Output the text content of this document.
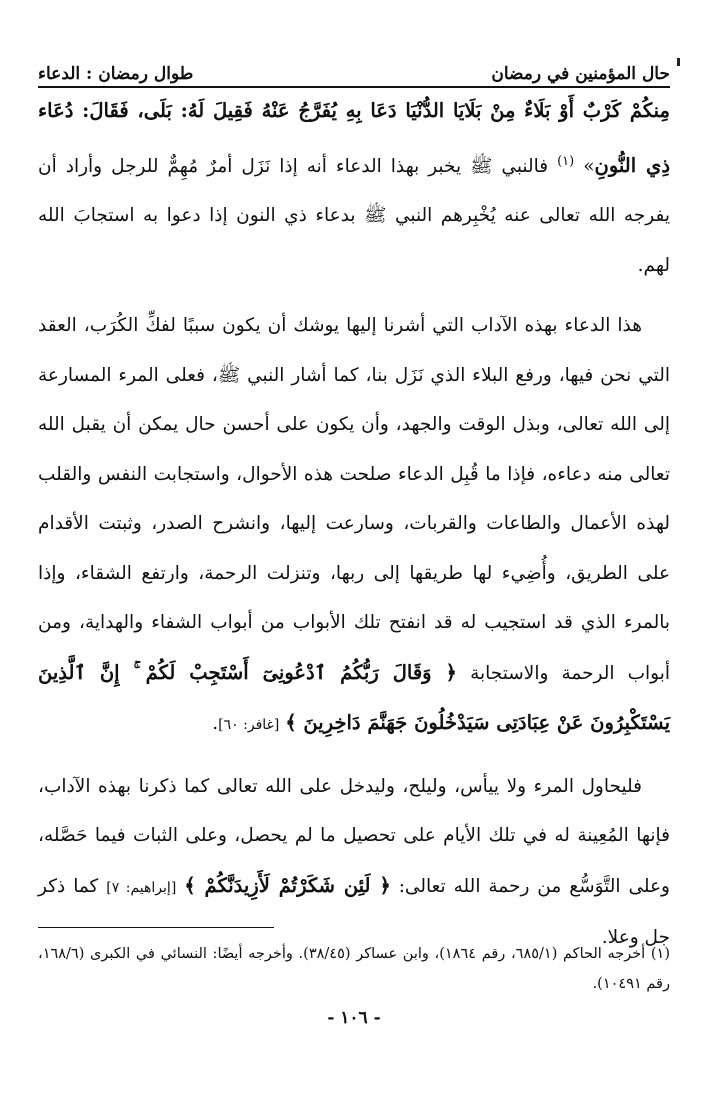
حال المؤمنين في رمضان
طوال رمضان : الدعاء

مِنكُمْ كَرْبٌ أَوْ بَلَاءٌ مِنْ بَلَايَا الدُّنْيَا دَعَا بِهِ يُفَرَّجُ عَنْهُ فَقِيلَ لَهُ: بَلَى، فَقَالَ: دُعَاء ذِي النُّونِ» $^{(١)}$ فالنبي ﷺ يخبر بهذا الدعاء أنه إذا نَزَل أمرٌ مُهِمٌّ للرجل وأراد أن يفرجه الله تعالى عنه يُخْبِرهم النبي ﷺ بدعاء ذي النون إذا دعوا به استجابَ الله لهم.

هذا الدعاء بهذه الآداب التي أشرنا إليها يوشك أن يكون سببًا لفكِّ الكُرَب، العقد التي نحن فيها، ورفع البلاء الذي نَزَل بنا، كما أشار النبي ﷺ، فعلى المرء المسارعة إلى الله تعالى، وبذل الوقت والجهد، وأن يكون على أحسن حال يمكن أن يقبل الله تعالى منه دعاءه، فإذا ما قُبِل الدعاء صلحت هذه الأحوال، واستجابت النفس والقلب لهذه الأعمال والطاعات والقربات، وسارعت إليها، وانشرح الصدر، وثبتت الأقدام على الطريق، وأُضِيء لها طريقها إلى ربها، وتنزلت الرحمة، وارتفع الشقاء، وإذا بالمرء الذي قد استجيب له قد انفتح تلك الأبواب من أبواب الشفاء والهداية، ومن أبواب الرحمة والاستجابة ﴿ وَقَالَ رَبُّكُمُ ٱدْعُونِىٓ أَسْتَجِبْ لَكُمْ ۚ إِنَّ ٱلَّذِينَ يَسْتَكْبِرُونَ عَنْ عِبَادَتِى سَيَدْخُلُونَ جَهَنَّمَ دَاخِرِينَ ﴾ [غافر: ٦٠].

فليحاول المرء ولا ييأس، وليلح، وليدخل على الله تعالى كما ذكرنا بهذه الآداب، فإنها المُعِينة له في تلك الأيام على تحصيل ما لم يحصل، وعلى الثبات فيما حَصَّله، وعلى التَّوَسُّع من رحمة الله تعالى: ﴿ لَئِن شَكَرْتُمْ لَأَزِيدَنَّكُمْ ﴾ [إبراهيم: ٧] كما ذكر جل وعلا.

(١) أخرجه الحاكم (٦٨٥/١، رقم ١٨٦٤)، وابن عساكر (٣٨/٤٥). وأخرجه أيضًا: النسائي في الكبرى (١٦٨/٦، رقم ١٠٤٩١).
- ١٠٦ -
